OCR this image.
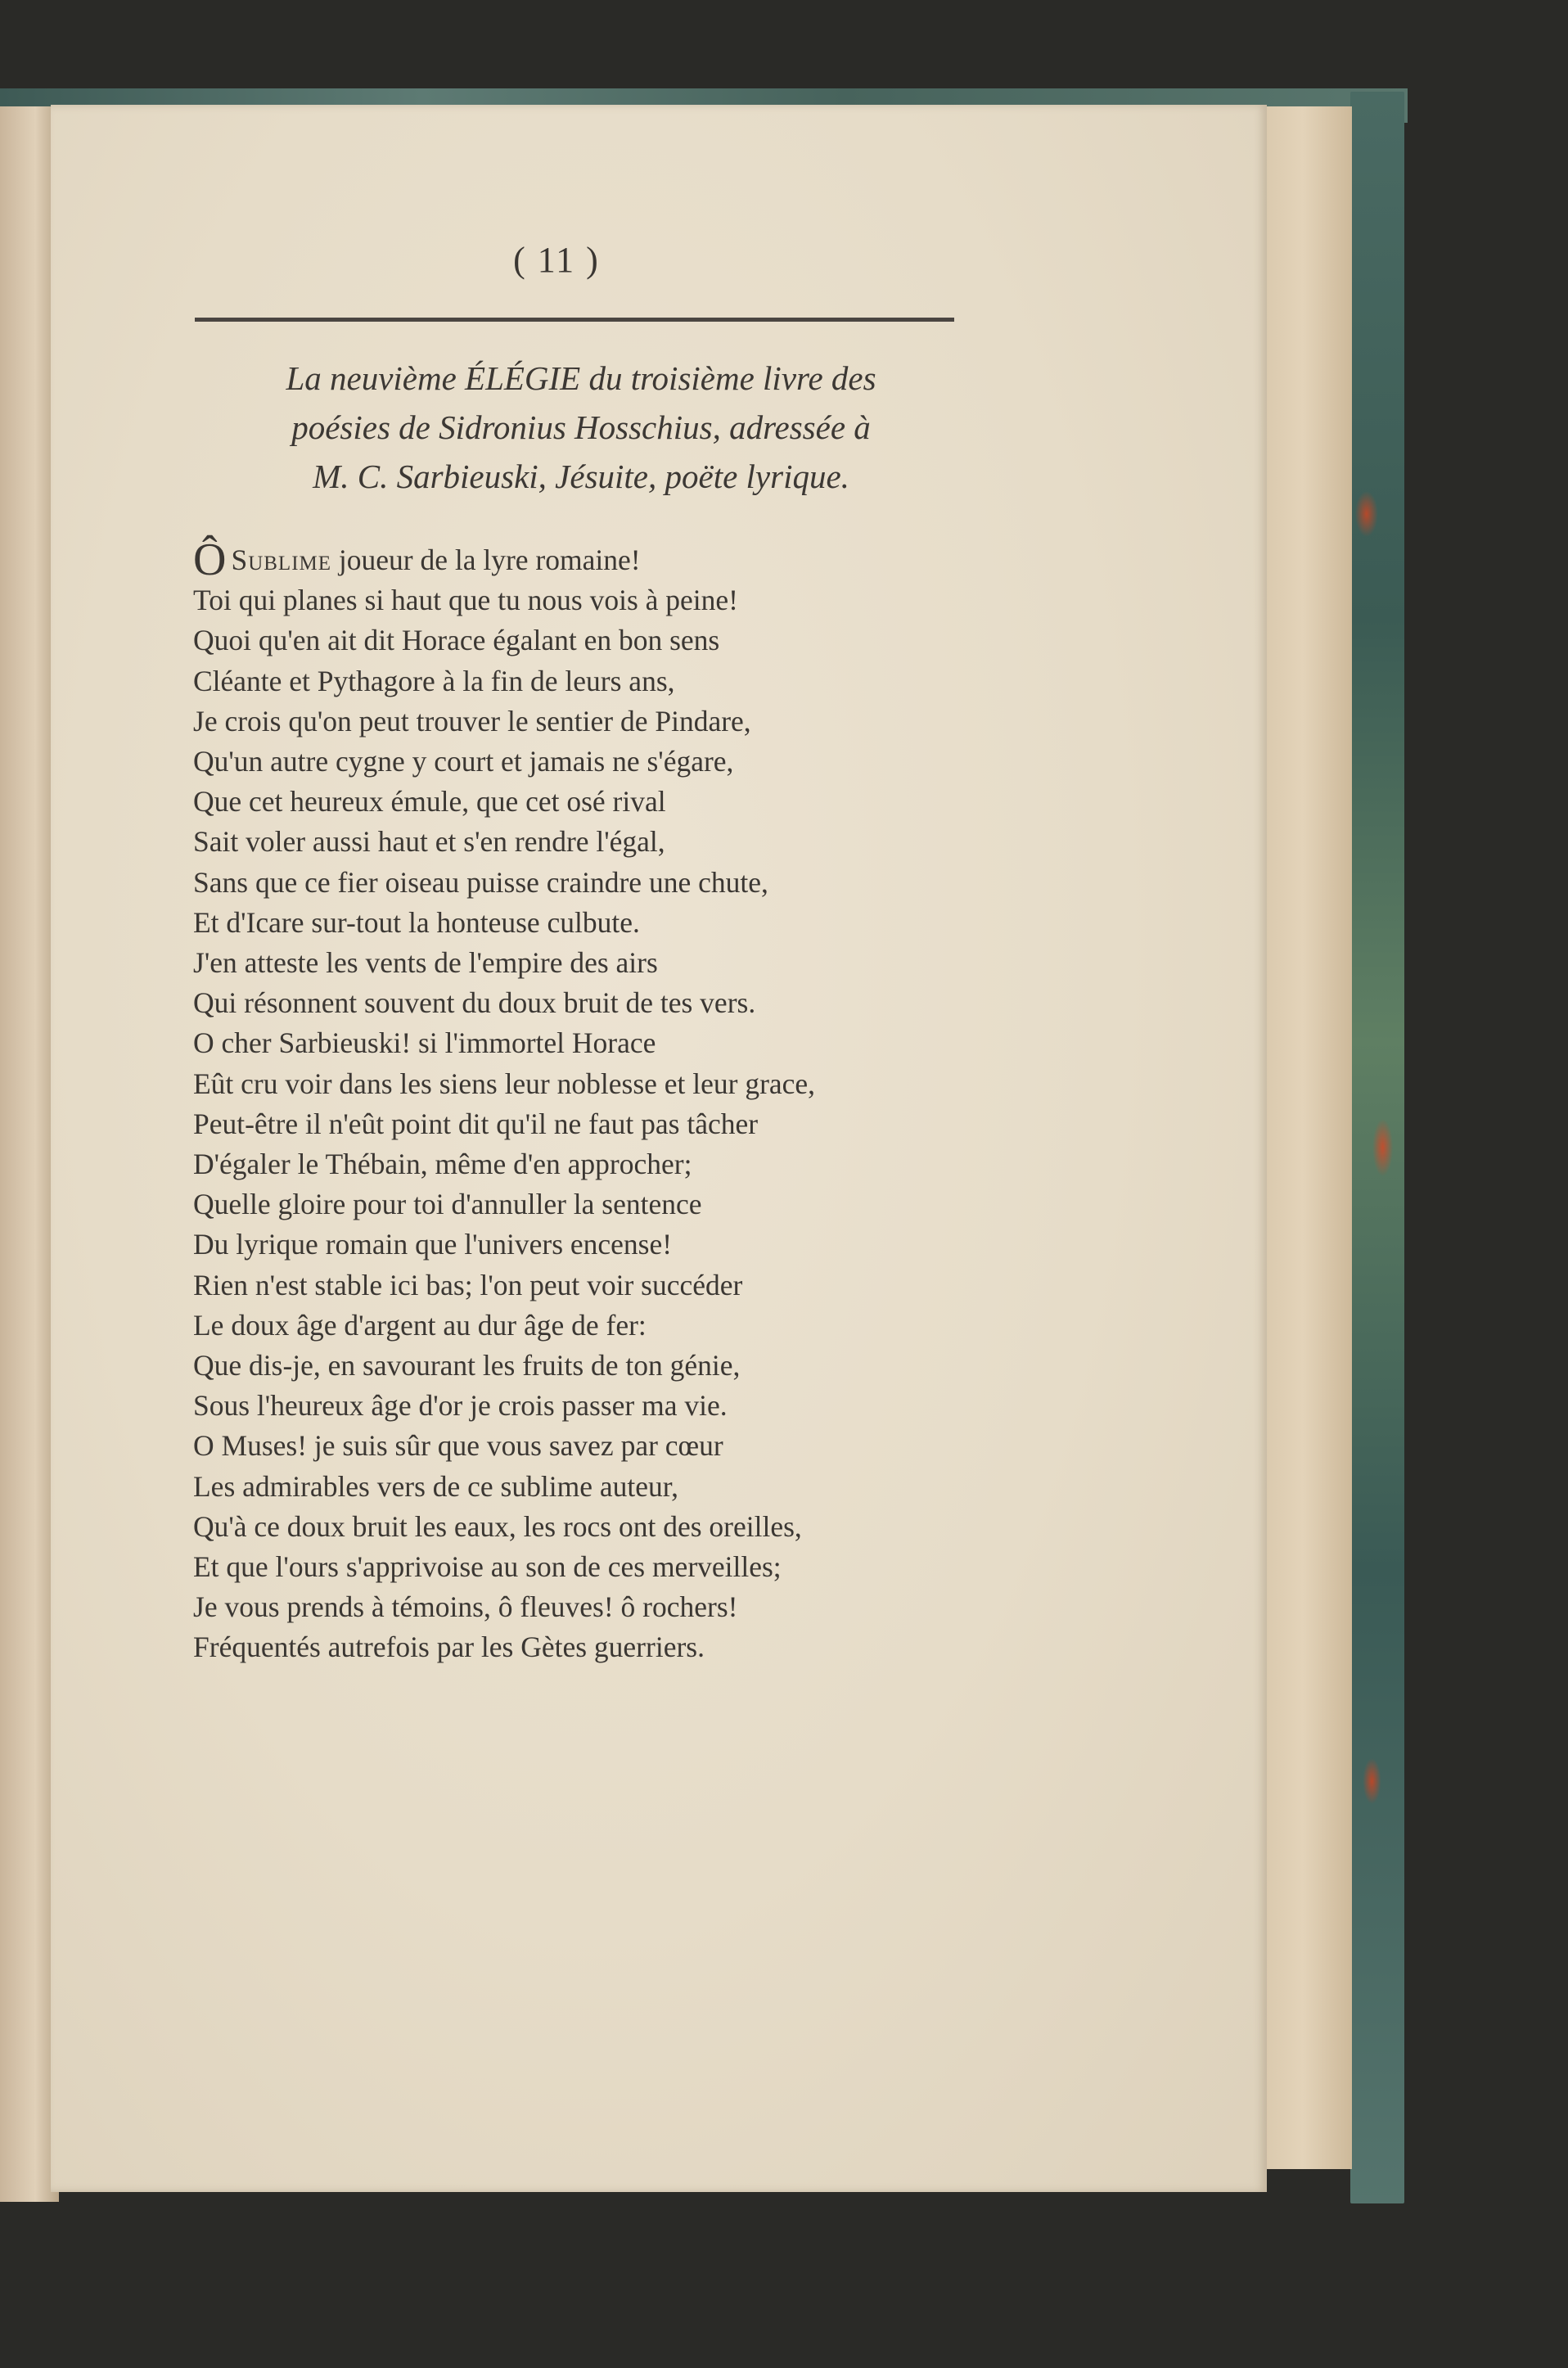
( 11 )
La neuvième ÉLÉGIE du troisième livre des
poésies de Sidronius Hosschius, adressée à
M. C. Sarbieuski, Jésuite, poëte lyrique.
Ô Sublime joueur de la lyre romaine!
Toi qui planes si haut que tu nous vois à peine!
Quoi qu'en ait dit Horace égalant en bon sens
Cléante et Pythagore à la fin de leurs ans,
Je crois qu'on peut trouver le sentier de Pindare,
Qu'un autre cygne y court et jamais ne s'égare,
Que cet heureux émule, que cet osé rival
Sait voler aussi haut et s'en rendre l'égal,
Sans que ce fier oiseau puisse craindre une chute,
Et d'Icare sur-tout la honteuse culbute.
J'en atteste les vents de l'empire des airs
Qui résonnent souvent du doux bruit de tes vers.
O cher Sarbieuski! si l'immortel Horace
Eût cru voir dans les siens leur noblesse et leur grace,
Peut-être il n'eût point dit qu'il ne faut pas tâcher
D'égaler le Thébain, même d'en approcher;
Quelle gloire pour toi d'annuller la sentence
Du lyrique romain que l'univers encense!
Rien n'est stable ici bas; l'on peut voir succéder
Le doux âge d'argent au dur âge de fer:
Que dis-je, en savourant les fruits de ton génie,
Sous l'heureux âge d'or je crois passer ma vie.
O Muses! je suis sûr que vous savez par cœur
Les admirables vers de ce sublime auteur,
Qu'à ce doux bruit les eaux, les rocs ont des oreilles,
Et que l'ours s'apprivoise au son de ces merveilles;
Je vous prends à témoins, ô fleuves! ô rochers!
Fréquentés autrefois par les Gètes guerriers.
